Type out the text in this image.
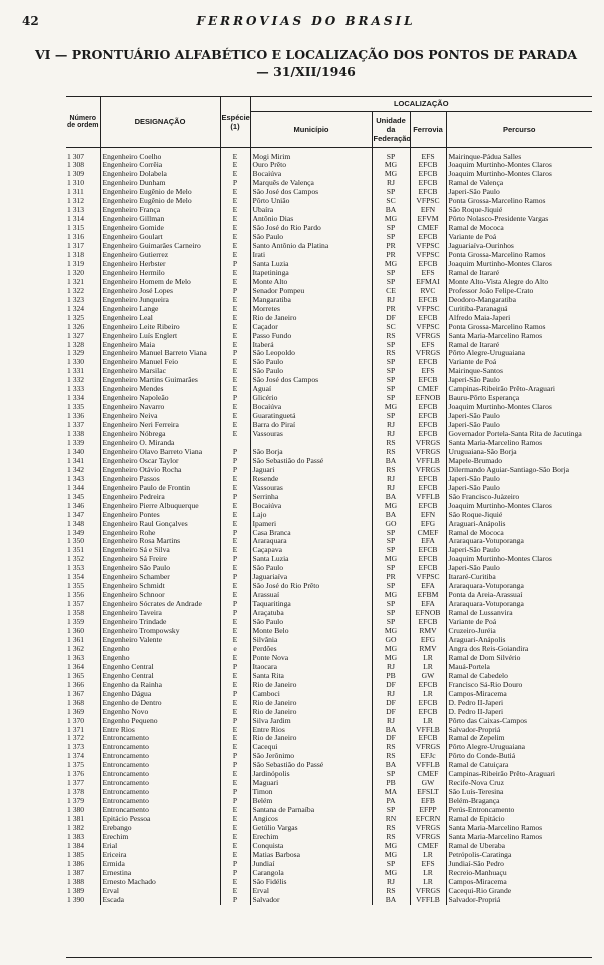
FERROVIAS DO BRASIL
42
VI — PRONTUÁRIO ALFABÉTICO E LOCALIZAÇÃO DOS PONTOS DE PARADA
— 31/XII/1946
Número de ordem	DESIGNAÇÃO	Espécie (1)	LOCALIZAÇÃO			
			Município	Unidade da Federação	Ferrovia	Percurso
1 307	Engenheiro Coelho	E	Mogi Mirim	SP	EFS	Mairinque-Pádua Salles
1 308	Engenheiro Corrêia	E	Ouro Prêto	MG	EFCB	Joaquim Murtinho-Montes Claros
1 309	Engenheiro Dolabela	E	Bocaiúva	MG	EFCB	Joaquim Murtinho-Montes Claros
1 310	Engenheiro Dunham	P	Marquês de Valença	RJ	EFCB	Ramal de Valença
1 311	Engenheiro Eugênio de Melo	E	São José dos Campos	SP	EFCB	Japeri-São Paulo
1 312	Engenheiro Eugênio de Melo	E	Pôrto União	SC	VFPSC	Ponta Grossa-Marcelino Ramos
1 313	Engenheiro França	E	Ubaíra	BA	EFN	São Roque-Jiquié
1 314	Engenheiro Gillman	E	Antônio Dias	MG	EFVM	Pôrto Nolasco-Presidente Vargas
1 315	Engenheiro Gomide	E	São José do Rio Pardo	SP	CMEF	Ramal de Mococa
1 316	Engenheiro Goulart	E	São Paulo	SP	EFCB	Variante de Poá
1 317	Engenheiro Guimarães Carneiro	E	Santo Antônio da Platina	PR	VFPSC	Jaguariaíva-Ourinhos
1 318	Engenheiro Gutierrez	E	Irati	PR	VFPSC	Ponta Grossa-Marcelino Ramos
1 319	Engenheiro Herbster	P	Santa Luzia	MG	EFCB	Joaquim Murtinho-Montes Claros
1 320	Engenheiro Hermilo	E	Itapetininga	SP	EFS	Ramal de Itararé
1 321	Engenheiro Homem de Melo	E	Monte Alto	SP	EFMAI	Monte Alto-Vista Alegre do Alto
1 322	Engenheiro José Lopes	P	Senador Pompeu	CE	RVC	Professor João Felipe-Crato
1 323	Engenheiro Junqueira	E	Mangaratiba	RJ	EFCB	Deodoro-Mangaratiba
1 324	Engenheiro Lange	E	Morretes	PR	VFPSC	Curitiba-Paranaguá
1 325	Engenheiro Leal	E	Rio de Janeiro	DF	EFCB	Alfredo Maia-Japeri
1 326	Engenheiro Leite Ribeiro	E	Caçador	SC	VFPSC	Ponta Grossa-Marcelino Ramos
1 327	Engenheiro Luís Englert	E	Passo Fundo	RS	VFRGS	Santa Maria-Marcelino Ramos
1 328	Engenheiro Maia	E	Itaberá	SP	EFS	Ramal de Itararé
1 329	Engenheiro Manuel Barreto Viana	P	São Leopoldo	RS	VFRGS	Pôrto Alegre-Uruguaiana
1 330	Engenheiro Manuel Feio	E	São Paulo	SP	EFCB	Variante de Poá
1 331	Engenheiro Marsilac	E	São Paulo	SP	EFS	Mairinque-Santos
1 332	Engenheiro Martins Guimarães	E	São José dos Campos	SP	EFCB	Japeri-São Paulo
1 333	Engenheiro Mendes	E	Aguaí	SP	CMEF	Campinas-Ribeirão Prêto-Araguari
1 334	Engenheiro Napoleão	P	Glicério	SP	EFNOB	Bauru-Pôrto Esperança
1 335	Engenheiro Navarro	E	Bocaiúva	MG	EFCB	Joaquim Murtinho-Montes Claros
1 336	Engenheiro Neiva	E	Guaratinguetá	SP	EFCB	Japeri-São Paulo
1 337	Engenheiro Neri Ferreira	E	Barra do Piraí	RJ	EFCB	Japeri-São Paulo
1 338	Engenheiro Nóbrega	E	Vassouras	RJ	EFCB	Governador Portela-Santa Rita de Jacutinga
1 339	Engenheiro O. Miranda			RS	VFRGS	Santa Maria-Marcelino Ramos
1 340	Engenheiro Olavo Barreto Viana	P	São Borja	RS	VFRGS	Uruguaiana-São Borja
1 341	Engenheiro Oscar Taylor	P	São Sebastião do Passé	BA	VFFLB	Mapele-Brumado
1 342	Engenheiro Otávio Rocha	P	Jaguari	RS	VFRGS	Dilermando Aguiar-Santiago-São Borja
1 343	Engenheiro Passos	E	Resende	RJ	EFCB	Japeri-São Paulo
1 344	Engenheiro Paulo de Frontin	E	Vassouras	RJ	EFCB	Japeri-São Paulo
1 345	Engenheiro Pedreira	P	Serrinha	BA	VFFLB	São Francisco-Juàzeiro
1 346	Engenheiro Pierre Albuquerque	E	Bocaiúva	MG	EFCB	Joaquim Murtinho-Montes Claros
1 347	Engenheiro Pontes	E	Lajo	BA	EFN	São Roque-Jiquié
1 348	Engenheiro Raul Gonçalves	E	Ipameri	GO	EFG	Araguari-Anápolis
1 349	Engenheiro Rohe	P	Casa Branca	SP	CMEF	Ramal de Mococa
1 350	Engenheiro Rosa Martins	E	Araraquara	SP	EFA	Araraquara-Votuporanga
1 351	Engenheiro Sá e Silva	E	Caçapava	SP	EFCB	Japeri-São Paulo
1 352	Engenheiro Sá Freire	P	Santa Luzia	MG	EFCB	Joaquim Murtinho-Montes Claros
1 353	Engenheiro São Paulo	E	São Paulo	SP	EFCB	Japeri-São Paulo
1 354	Engenheiro Schamber	P	Jaguariaíva	PR	VFPSC	Itararé-Curitiba
1 355	Engenheiro Schmidt	E	São José do Rio Prêto	SP	EFA	Araraquara-Votuporanga
1 356	Engenheiro Schnoor	E	Arassuaí	MG	EFBM	Ponta da Areia-Arassuaí
1 357	Engenheiro Sócrates de Andrade	P	Taquaritinga	SP	EFA	Araraquara-Votuporanga
1 358	Engenheiro Taveira	P	Araçatuba	SP	EFNOB	Ramal de Lussanvira
1 359	Engenheiro Trindade	E	São Paulo	SP	EFCB	Variante de Poá
1 360	Engenheiro Trompowsky	E	Monte Belo	MG	RMV	Cruzeiro-Juréia
1 361	Engenheiro Valente	E	Silvânia	GO	EFG	Araguari-Anápolis
1 362	Engenho	e	Perdões	MG	RMV	Angra dos Reis-Goiandira
1 363	Engenho	E	Ponte Nova	MG	LR	Ramal de Dom Silvério
1 364	Engenho Central	P	Itaocara	RJ	LR	Mauá-Portela
1 365	Engenho Central	E	Santa Rita	PB	GW	Ramal de Cabedelo
1 366	Engenho da Rainha	E	Rio de Janeiro	DF	EFCB	Francisco Sá-Rio Douro
1 367	Engenho Dágua	P	Camboci	RJ	LR	Campos-Miracema
1 368	Engenho de Dentro	E	Rio de Janeiro	DF	EFCB	D. Pedro II-Japeri
1 369	Engenho Novo	E	Rio de Janeiro	DF	EFCB	D. Pedro II-Japeri
1 370	Engenho Pequeno	P	Silva Jardim	RJ	LR	Pôrto das Caixas-Campos
1 371	Entre Rios	E	Entre Rios	BA	VFFLB	Salvador-Propriá
1 372	Entroncamento	E	Rio de Janeiro	DF	EFCB	Ramal de Zepelim
1 373	Entroncamento	E	Cacequi	RS	VFRGS	Pôrto Alegre-Uruguaiana
1 374	Entroncamento	P	São Jerônimo	RS	EFJc	Pôrto do Conde-Butiá
1 375	Entroncamento	P	São Sebastião do Passé	BA	VFFLB	Ramal de Catuiçara
1 376	Entroncamento	E	Jardinópolis	SP	CMEF	Campinas-Ribeirão Prêto-Araguari
1 377	Entroncamento	E	Maguari	PB	GW	Recife-Nova Cruz
1 378	Entroncamento	P	Timon	MA	EFSLT	São Luís-Teresina
1 379	Entroncamento	P	Belém	PA	EFB	Belém-Bragança
1 380	Entroncamento	E	Santana de Parnaíba	SP	EFPP	Perús-Entroncamento
1 381	Epitácio Pessoa	E	Angicos	RN	EFCRN	Ramal de Epitácio
1 382	Erebango	E	Getúlio Vargas	RS	VFRGS	Santa Maria-Marcelino Ramos
1 383	Erechim	E	Erechim	RS	VFRGS	Santa Maria-Marcelino Ramos
1 384	Erial	E	Conquista	MG	CMEF	Ramal de Uberaba
1 385	Ericeira	E	Matias Barbosa	MG	LR	Petrópolis-Caratinga
1 386	Ermida	P	Jundiaí	SP	EFS	Jundiaí-São Pedro
1 387	Ernestina	P	Carangola	MG	LR	Recreio-Manhuaçu
1 388	Ernesto Machado	E	São Fidélis	RJ	LR	Campos-Miracema
1 389	Erval	E	Erval	RS	VFRGS	Cacequi-Rio Grande
1 390	Escada	P	Salvador	BA	VFFLB	Salvador-Propriá
